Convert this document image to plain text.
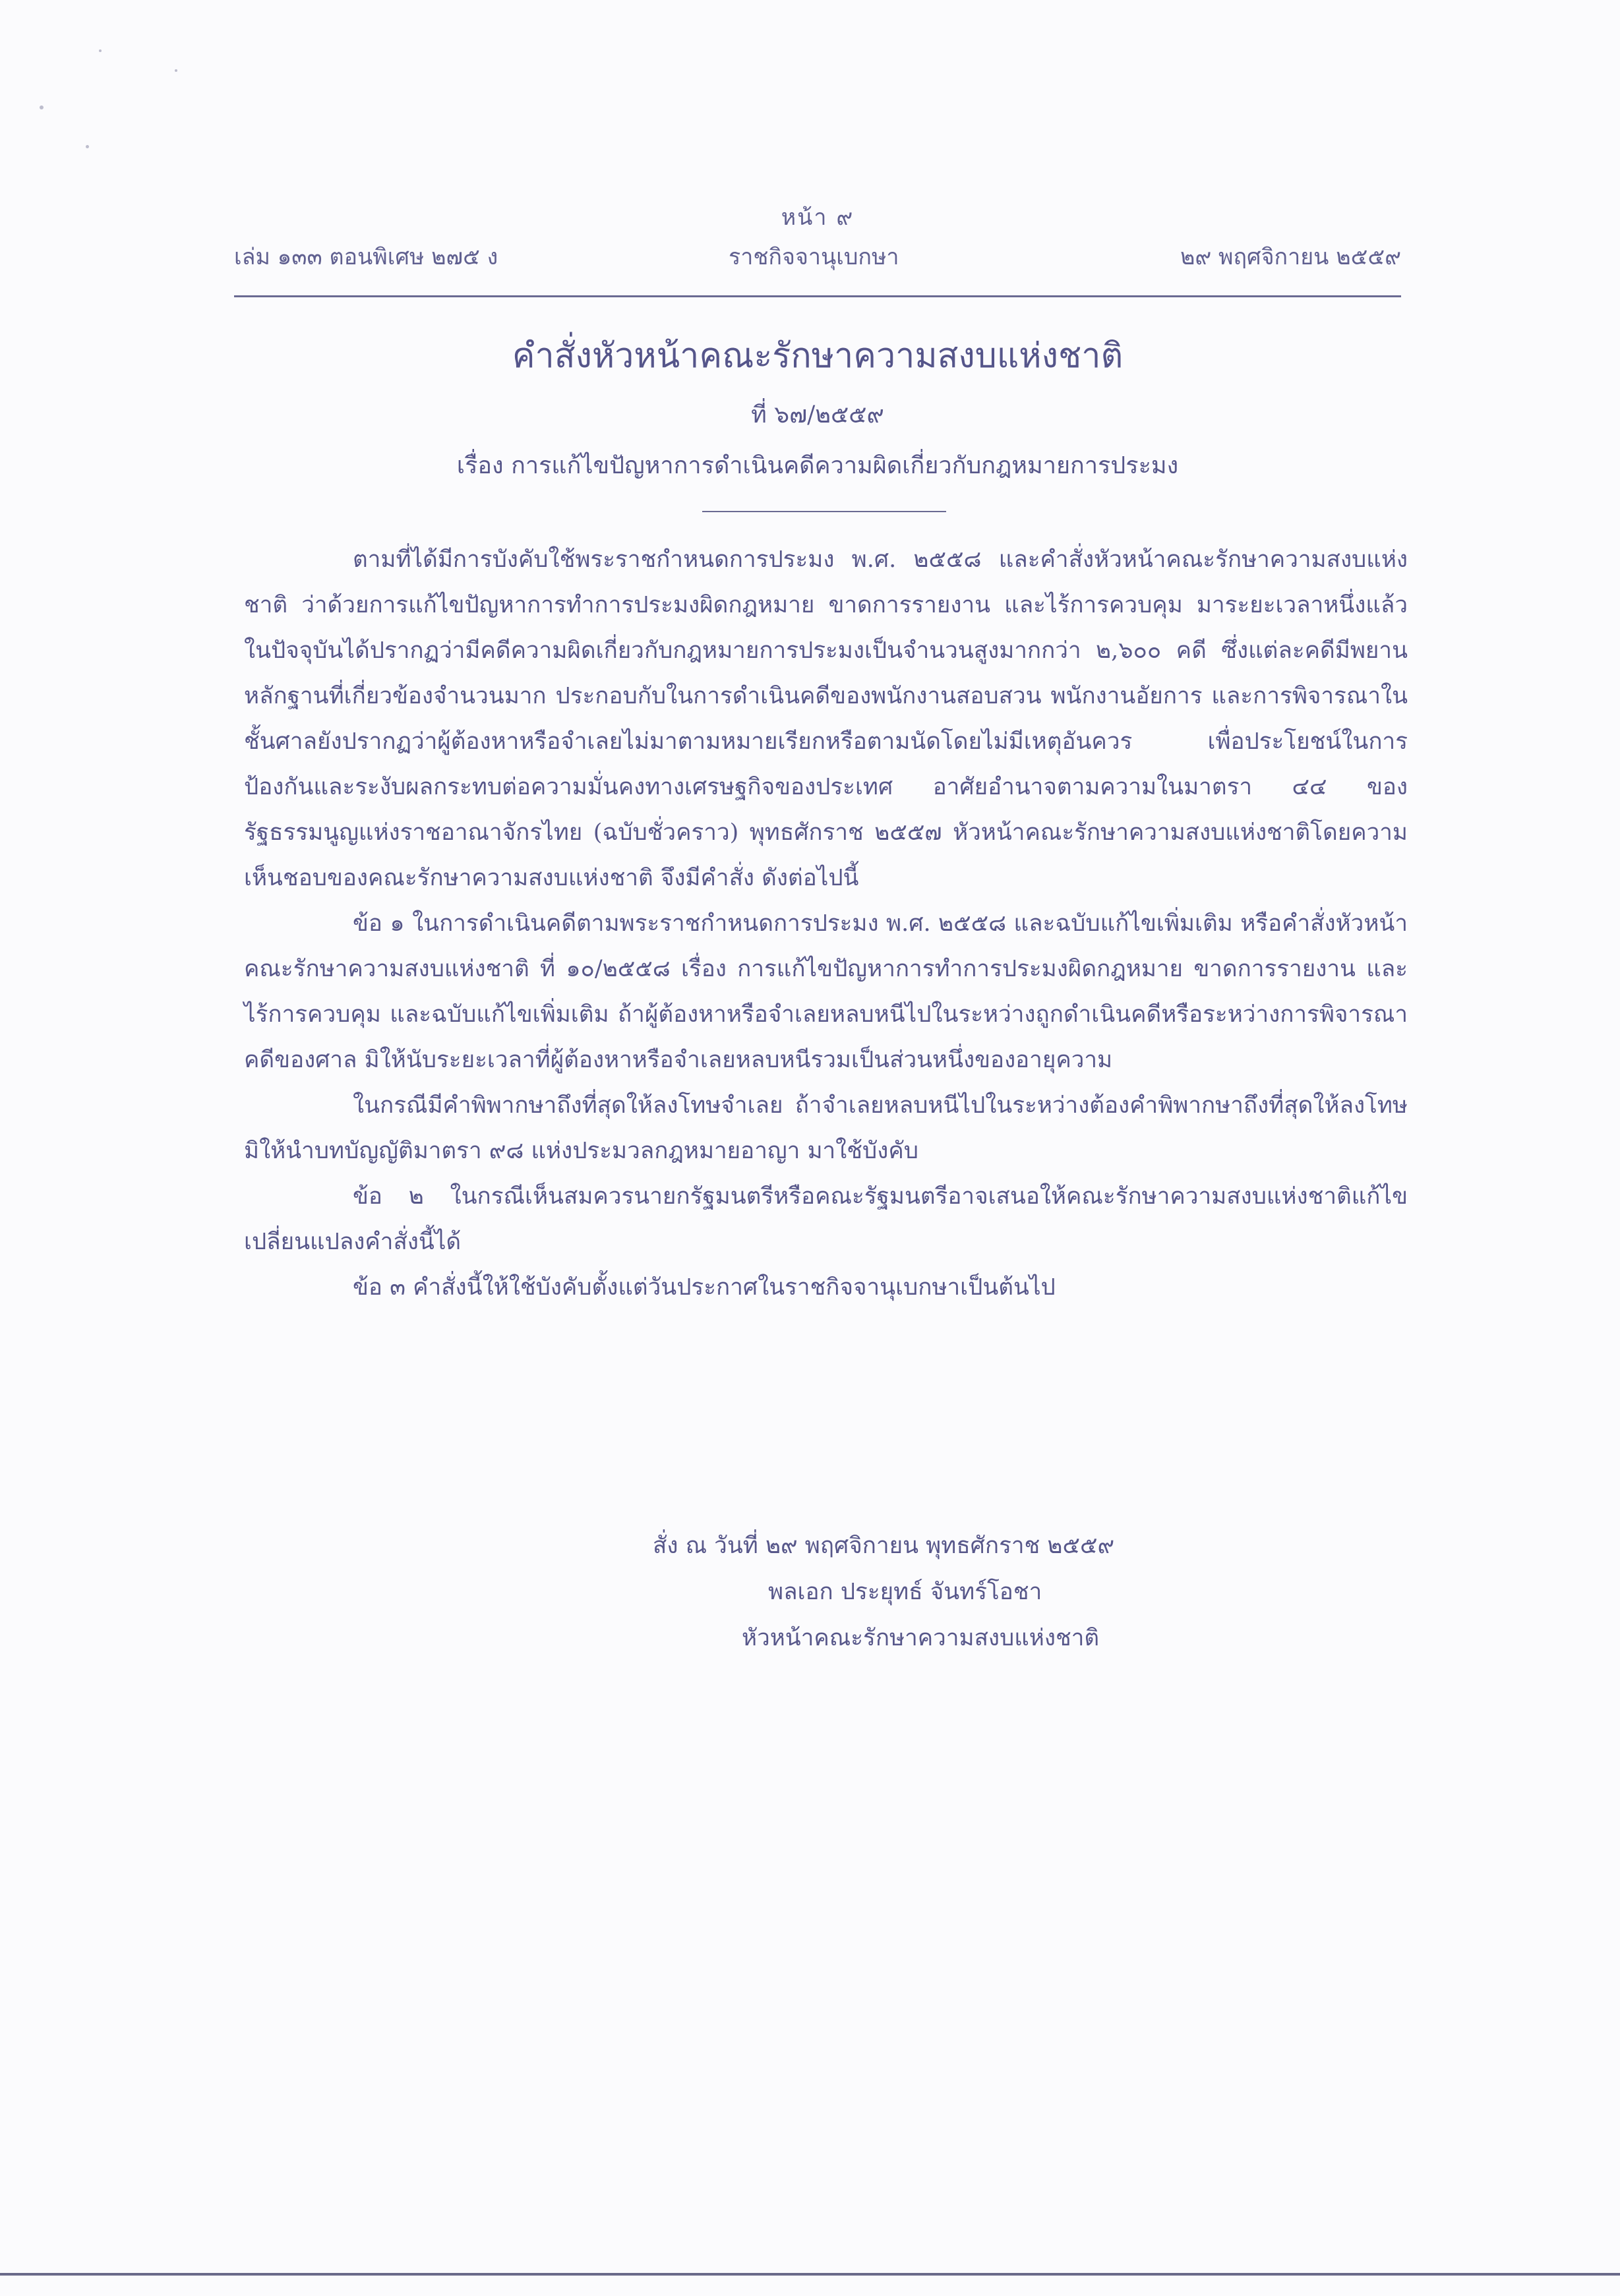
หน้า ๙
เล่ม ๑๓๓ ตอนพิเศษ ๒๗๕ ง	ราชกิจจานุเบกษา	๒๙ พฤศจิกายน ๒๕๕๙
คำสั่งหัวหน้าคณะรักษาความสงบแห่งชาติ
ที่ ๖๗/๒๕๕๙
เรื่อง การแก้ไขปัญหาการดำเนินคดีความผิดเกี่ยวกับกฎหมายการประมง

ตามที่ได้มีการบังคับใช้พระราชกำหนดการประมง พ.ศ. ๒๕๕๘ และคำสั่งหัวหน้าคณะรักษาความสงบแห่งชาติ ว่าด้วยการแก้ไขปัญหาการทำการประมงผิดกฎหมาย ขาดการรายงาน และไร้การควบคุม มาระยะเวลาหนึ่งแล้ว ในปัจจุบันได้ปรากฏว่ามีคดีความผิดเกี่ยวกับกฎหมายการประมงเป็นจำนวนสูงมากกว่า ๒,๖๐๐ คดี ซึ่งแต่ละคดีมีพยานหลักฐานที่เกี่ยวข้องจำนวนมาก ประกอบกับในการดำเนินคดีของพนักงานสอบสวน พนักงานอัยการ และการพิจารณาในชั้นศาลยังปรากฏว่าผู้ต้องหาหรือจำเลยไม่มาตามหมายเรียกหรือตามนัดโดยไม่มีเหตุอันควร เพื่อประโยชน์ในการป้องกันและระงับผลกระทบต่อความมั่นคงทางเศรษฐกิจของประเทศ อาศัยอำนาจตามความในมาตรา ๔๔ ของรัฐธรรมนูญแห่งราชอาณาจักรไทย (ฉบับชั่วคราว) พุทธศักราช ๒๕๕๗ หัวหน้าคณะรักษาความสงบแห่งชาติโดยความเห็นชอบของคณะรักษาความสงบแห่งชาติ จึงมีคำสั่ง ดังต่อไปนี้

ข้อ ๑ ในการดำเนินคดีตามพระราชกำหนดการประมง พ.ศ. ๒๕๕๘ และฉบับแก้ไขเพิ่มเติม หรือคำสั่งหัวหน้าคณะรักษาความสงบแห่งชาติ ที่ ๑๐/๒๕๕๘ เรื่อง การแก้ไขปัญหาการทำการประมงผิดกฎหมาย ขาดการรายงาน และไร้การควบคุม และฉบับแก้ไขเพิ่มเติม ถ้าผู้ต้องหาหรือจำเลยหลบหนีไปในระหว่างถูกดำเนินคดีหรือระหว่างการพิจารณาคดีของศาล มิให้นับระยะเวลาที่ผู้ต้องหาหรือจำเลยหลบหนีรวมเป็นส่วนหนึ่งของอายุความ

ในกรณีมีคำพิพากษาถึงที่สุดให้ลงโทษจำเลย ถ้าจำเลยหลบหนีไปในระหว่างต้องคำพิพากษาถึงที่สุดให้ลงโทษ มิให้นำบทบัญญัติมาตรา ๙๘ แห่งประมวลกฎหมายอาญา มาใช้บังคับ

ข้อ ๒ ในกรณีเห็นสมควรนายกรัฐมนตรีหรือคณะรัฐมนตรีอาจเสนอให้คณะรักษาความสงบแห่งชาติแก้ไขเปลี่ยนแปลงคำสั่งนี้ได้

ข้อ ๓ คำสั่งนี้ให้ใช้บังคับตั้งแต่วันประกาศในราชกิจจานุเบกษาเป็นต้นไป

สั่ง ณ วันที่ ๒๙ พฤศจิกายน พุทธศักราช ๒๕๕๙
พลเอก ประยุทธ์ จันทร์โอชา
หัวหน้าคณะรักษาความสงบแห่งชาติ
